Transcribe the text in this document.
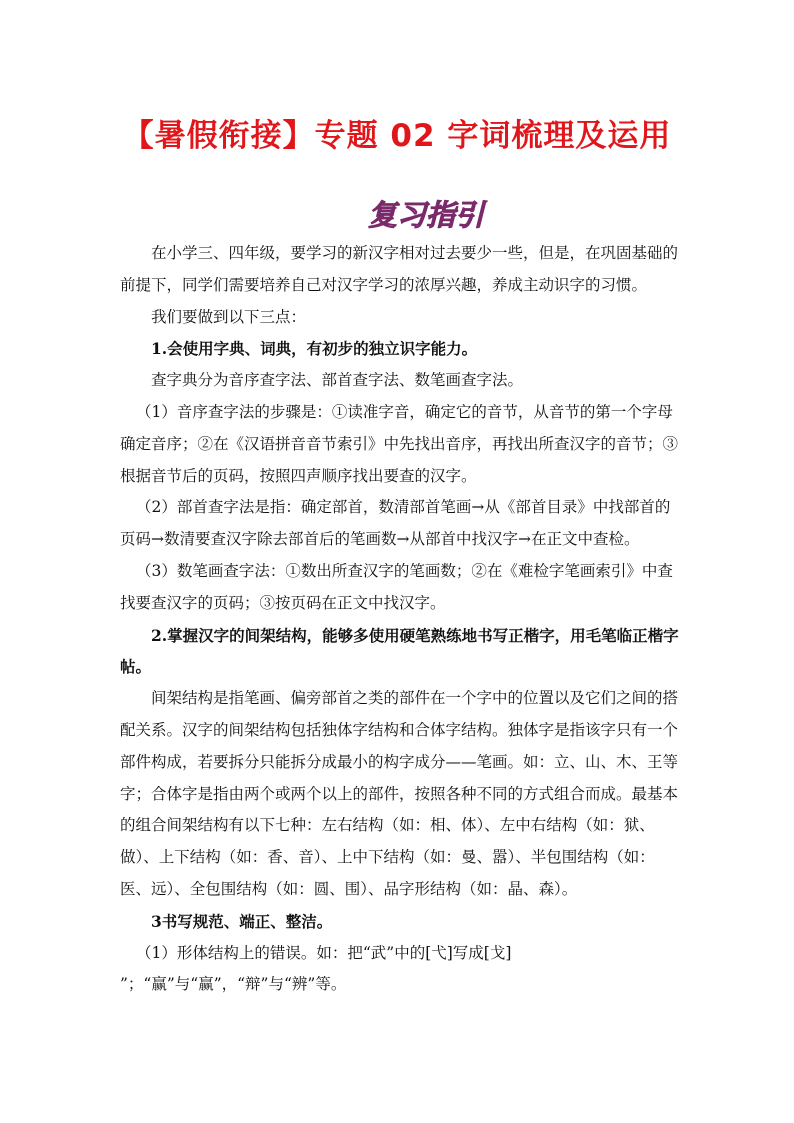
【暑假衔接】专题 02 字词梳理及运用
复习指引

在小学三、四年级，要学习的新汉字相对过去要少一些，但是，在巩固基础的前提下，同学们需要培养自己对汉字学习的浓厚兴趣，养成主动识字的习惯。

我们要做到以下三点：

1.会使用字典、词典，有初步的独立识字能力。

查字典分为音序查字法、部首查字法、数笔画查字法。

（1）音序查字法的步骤是：①读准字音，确定它的音节，从音节的第一个字母确定音序；②在《汉语拼音音节索引》中先找出音序，再找出所查汉字的音节；③根据音节后的页码，按照四声顺序找出要查的汉字。

（2）部首查字法是指：确定部首，数清部首笔画→从《部首目录》中找部首的页码→数清要查汉字除去部首后的笔画数→从部首中找汉字→在正文中查检。

（3）数笔画查字法：①数出所查汉字的笔画数；②在《难检字笔画索引》中查找要查汉字的页码；③按页码在正文中找汉字。

2.掌握汉字的间架结构，能够多使用硬笔熟练地书写正楷字，用毛笔临正楷字帖。

间架结构是指笔画、偏旁部首之类的部件在一个字中的位置以及它们之间的搭配关系。汉字的间架结构包括独体字结构和合体字结构。独体字是指该字只有一个部件构成，若要拆分只能拆分成最小的构字成分——笔画。如：立、山、木、王等字；合体字是指由两个或两个以上的部件，按照各种不同的方式组合而成。最基本的组合间架结构有以下七种：左右结构（如：相、体）、左中右结构（如：狱、做）、上下结构（如：香、音）、上中下结构（如：曼、嚣）、半包围结构（如：医、远）、全包围结构（如：圆、围）、品字形结构（如：晶、森）。

3书写规范、端正、整洁。

（1）形体结构上的错误。如：把“武”中的[弋]写成[戈] ”；“赢”与“赢”，“辩”与“辨”等。
